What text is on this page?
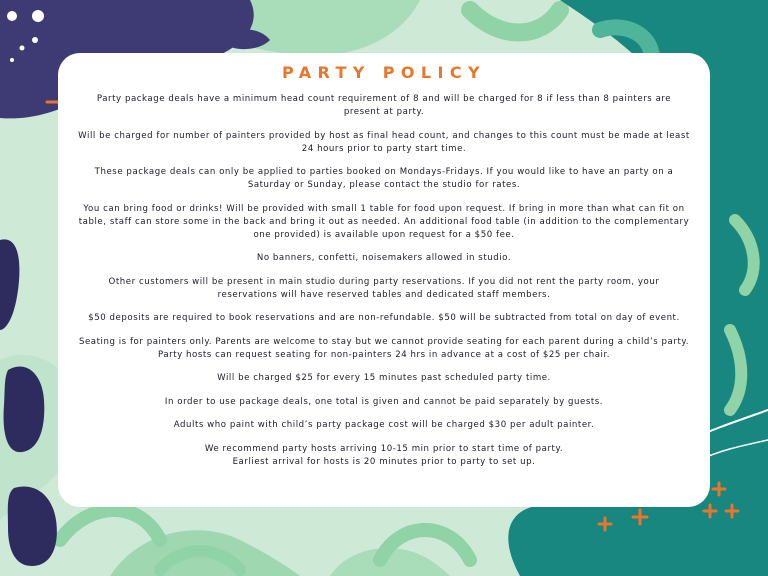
PARTY POLICY

Party package deals have a minimum head count requirement of 8 and will be charged for 8 if less than 8 painters are present at party.

Will be charged for number of painters provided by host as final head count, and changes to this count must be made at least 24 hours prior to party start time.

These package deals can only be applied to parties booked on Mondays-Fridays. If you would like to have an party on a Saturday or Sunday, please contact the studio for rates.

You can bring food or drinks! Will be provided with small 1 table for food upon request. If bring in more than what can fit on table, staff can store some in the back and bring it out as needed. An additional food table (in addition to the complementary one provided) is available upon request for a $50 fee.

No banners, confetti, noisemakers allowed in studio.

Other customers will be present in main studio during party reservations. If you did not rent the party room, your reservations will have reserved tables and dedicated staff members.

$50 deposits are required to book reservations and are non-refundable. $50 will be subtracted from total on day of event.

Seating is for painters only. Parents are welcome to stay but we cannot provide seating for each parent during a child’s party. Party hosts can request seating for non-painters 24 hrs in advance at a cost of $25 per chair.

Will be charged $25 for every 15 minutes past scheduled party time.

In order to use package deals, one total is given and cannot be paid separately by guests.

Adults who paint with child’s party package cost will be charged $30 per adult painter.

We recommend party hosts arriving 10-15 min prior to start time of party.
Earliest arrival for hosts is 20 minutes prior to party to set up.
